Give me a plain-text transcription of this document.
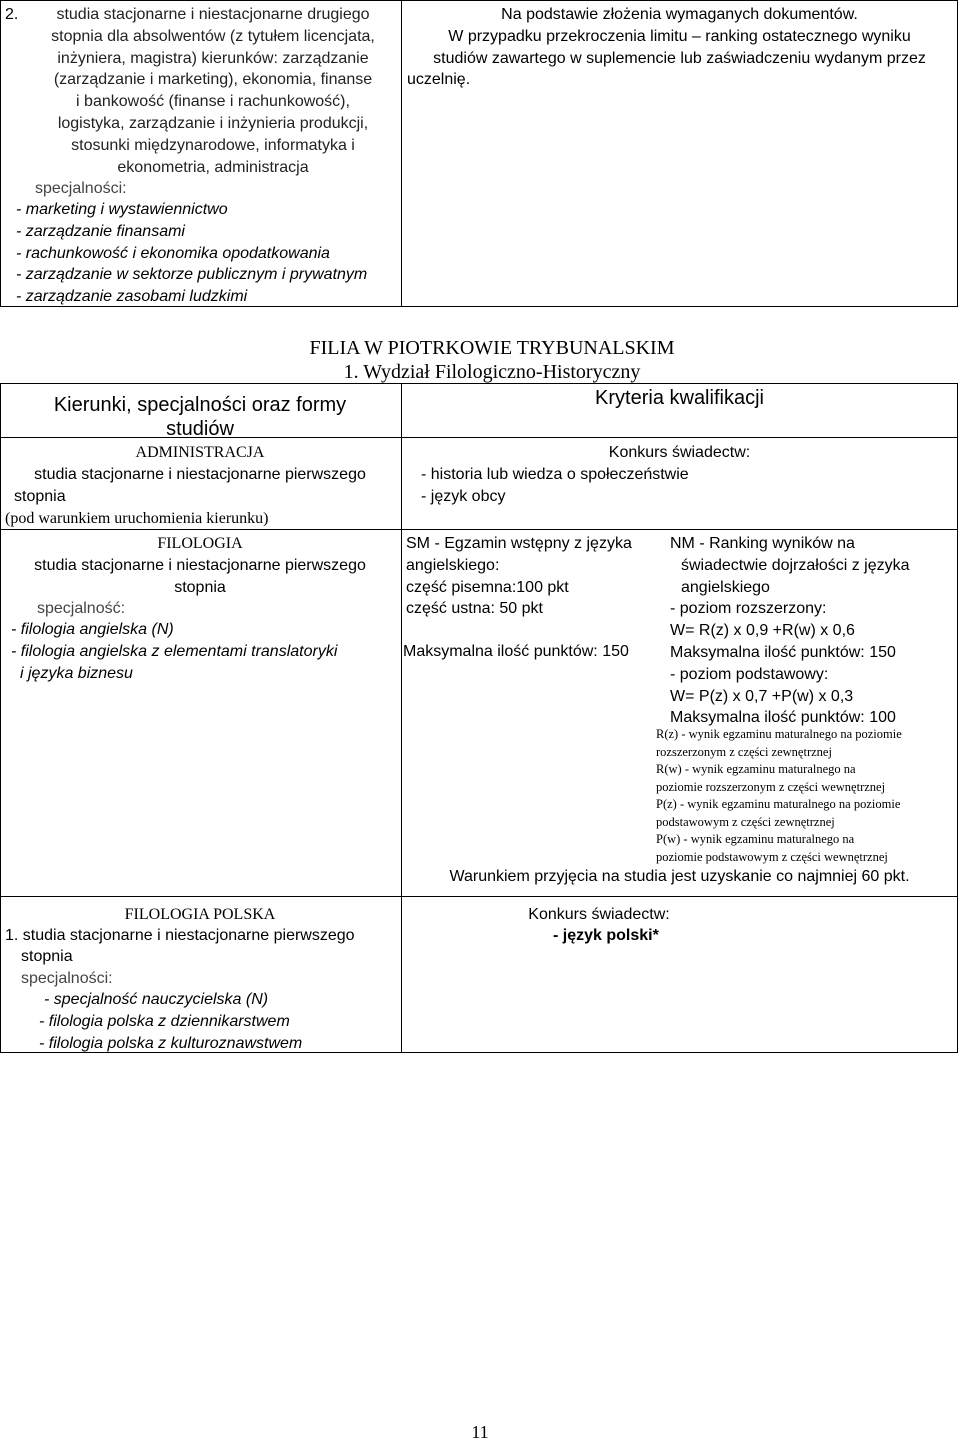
2.	studia stacjonarne i niestacjonarne drugiego
stopnia dla absolwentów (z tytułem licencjata,
inżyniera, magistra) kierunków: zarządzanie
(zarządzanie i marketing), ekonomia, finanse
i bankowość (finanse i rachunkowość),
logistyka, zarządzanie i inżynieria produkcji,
stosunki międzynarodowe, informatyka i
ekonometria, administracja
specjalności:
- marketing i wystawiennictwo
- zarządzanie finansami
- rachunkowość i ekonomika opodatkowania
- zarządzanie w sektorze publicznym i prywatnym
- zarządzanie zasobami ludzkimi
Na podstawie złożenia wymaganych dokumentów.
W przypadku przekroczenia limitu – ranking ostatecznego wyniku
studiów zawartego w suplemencie lub zaświadczeniu wydanym przez
uczelnię.
FILIA W PIOTRKOWIE TRYBUNALSKIM
1. Wydział Filologiczno-Historyczny
Kierunki, specjalności oraz formy
studiów
Kryteria kwalifikacji
ADMINISTRACJA
studia stacjonarne i niestacjonarne pierwszego
stopnia
(pod warunkiem uruchomienia kierunku)
Konkurs świadectw:
- historia lub wiedza o społeczeństwie
- język obcy
FILOLOGIA
studia stacjonarne i niestacjonarne pierwszego
stopnia
specjalność:
- filologia angielska (N)
- filologia angielska z elementami translatoryki
i języka biznesu
SM - Egzamin wstępny z języka
angielskiego:
część pisemna:100 pkt
część ustna: 50 pkt
Maksymalna ilość punktów: 150
NM - Ranking wyników na
świadectwie dojrzałości z języka
angielskiego
- poziom rozszerzony:
W= R(z) x 0,9 +R(w) x 0,6
Maksymalna ilość punktów: 150
- poziom podstawowy:
W= P(z) x 0,7 +P(w) x 0,3
Maksymalna ilość punktów: 100
R(z) - wynik egzaminu maturalnego na poziomie
rozszerzonym z części zewnętrznej
R(w) - wynik egzaminu maturalnego na
poziomie rozszerzonym z części wewnętrznej
P(z) - wynik egzaminu maturalnego na poziomie
podstawowym z części zewnętrznej
P(w) - wynik egzaminu maturalnego na
poziomie podstawowym z części wewnętrznej
Warunkiem przyjęcia na studia jest uzyskanie co najmniej 60 pkt.
FILOLOGIA POLSKA
1. studia stacjonarne i niestacjonarne pierwszego
stopnia
specjalności:
- specjalność nauczycielska (N)
- filologia polska z dziennikarstwem
- filologia polska z kulturoznawstwem
Konkurs świadectw:
- język polski*
11
